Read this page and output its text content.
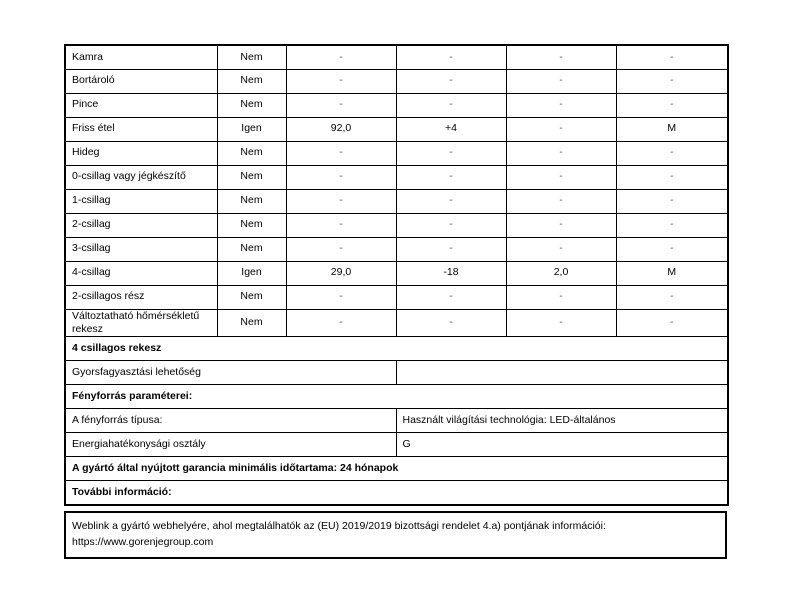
Kamra	Nem	-	-	-	-
Bortároló	Nem	-	-	-	-
Pince	Nem	-	-	-	-
Friss étel	Igen	92,0	+4	-	M
Hideg	Nem	-	-	-	-
0-csillag vagy jégkészítő	Nem	-	-	-	-
1-csillag	Nem	-	-	-	-
2-csillag	Nem	-	-	-	-
3-csillag	Nem	-	-	-	-
4-csillag	Igen	29,0	-18	2,0	M
2-csillagos rész	Nem	-	-	-	-
Változtatható hőmérsékletű rekesz	Nem	-	-	-	-
4 csillagos rekesz					
Gyorsfagyasztási lehetőség					
Fényforrás paraméterei:					
A fényforrás típusa:			Használt világítási technológia: LED-általános		
Energiahatékonysági osztály			G		
A gyártó által nyújtott garancia minimális időtartama: 24 hónapok					
További információ:					
Weblink a gyártó webhelyére, ahol megtalálhatók az (EU) 2019/2019 bizottsági rendelet 4.a) pontjának információi:
https://www.gorenjegroup.com
